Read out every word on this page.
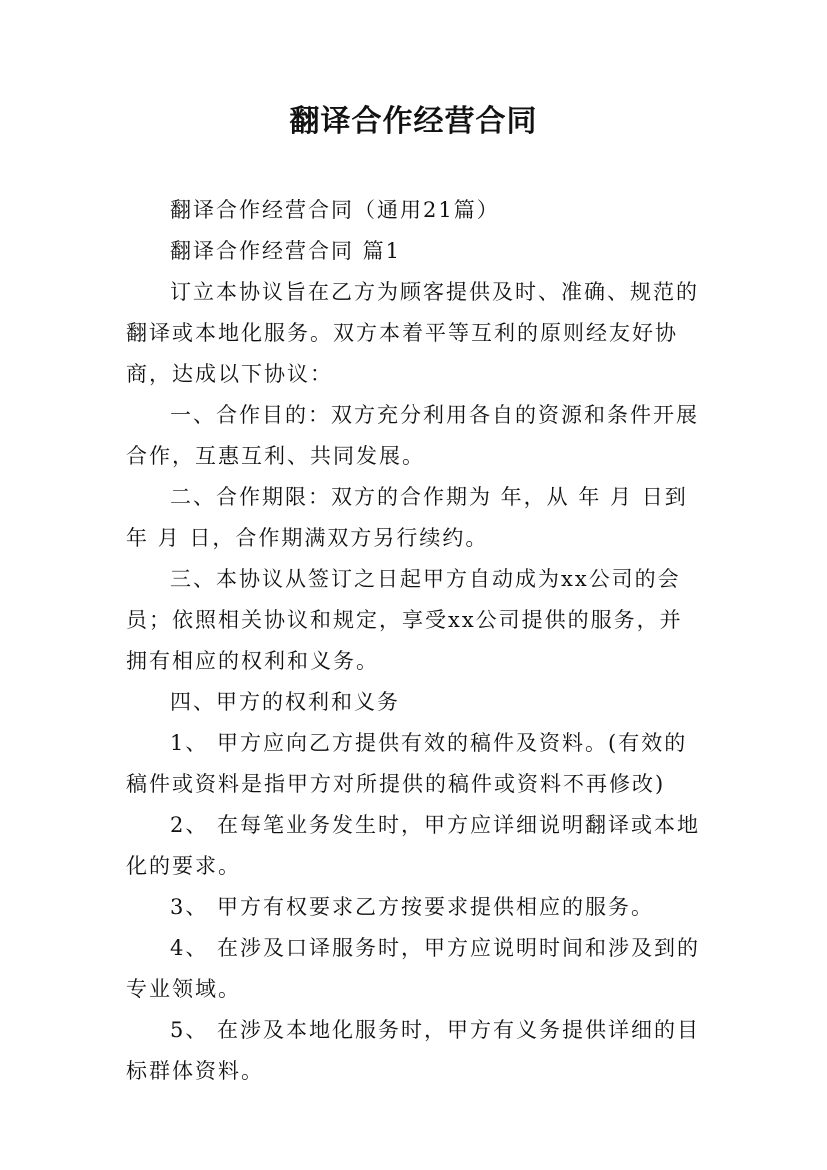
翻译合作经营合同

翻译合作经营合同（通用21篇）

翻译合作经营合同 篇1

订立本协议旨在乙方为顾客提供及时、准确、规范的翻译或本地化服务。双方本着平等互利的原则经友好协商，达成以下协议：

一、合作目的：双方充分利用各自的资源和条件开展合作，互惠互利、共同发展。

二、合作期限：双方的合作期为 年，从 年 月 日到 年 月 日，合作期满双方另行续约。

三、本协议从签订之日起甲方自动成为xx公司的会员；依照相关协议和规定，享受xx公司提供的服务，并拥有相应的权利和义务。

四、甲方的权利和义务

1、 甲方应向乙方提供有效的稿件及资料。(有效的稿件或资料是指甲方对所提供的稿件或资料不再修改)

2、 在每笔业务发生时，甲方应详细说明翻译或本地化的要求。

3、 甲方有权要求乙方按要求提供相应的服务。

4、 在涉及口译服务时，甲方应说明时间和涉及到的专业领域。

5、 在涉及本地化服务时，甲方有义务提供详细的目标群体资料。
